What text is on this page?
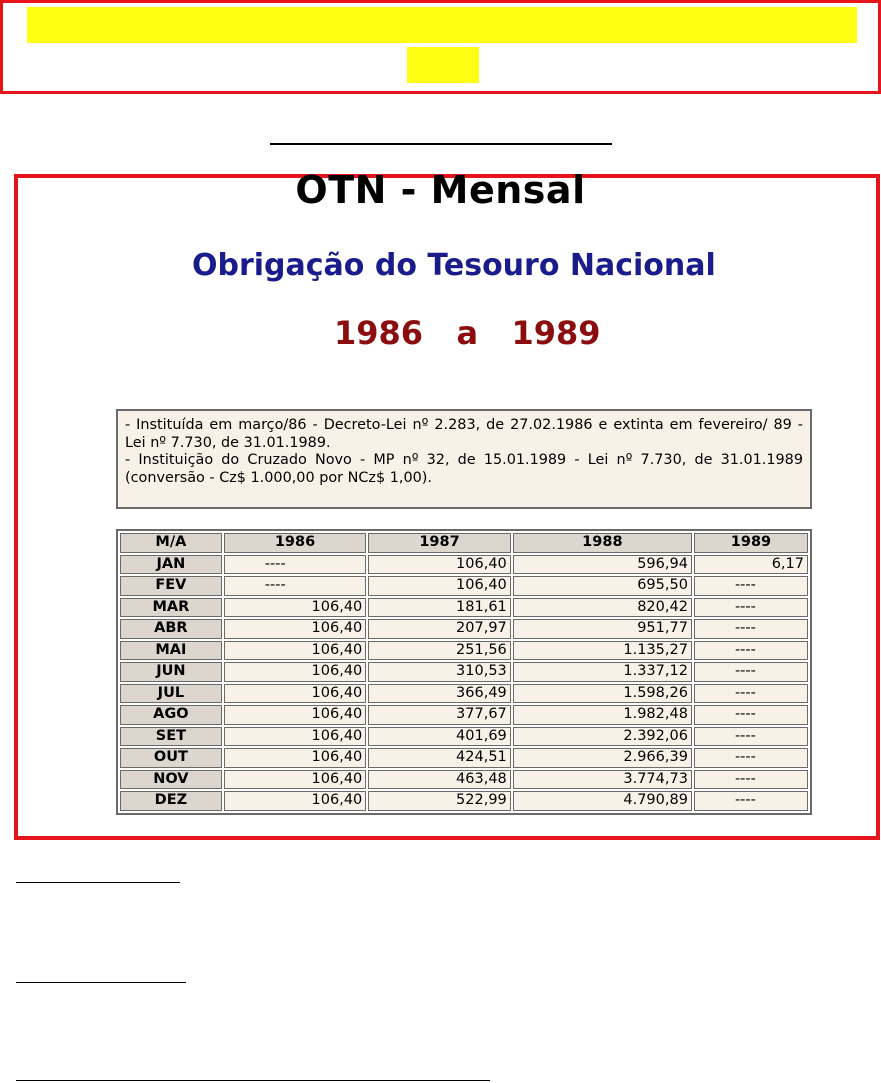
OTN - Mensal
Obrigação do Tesouro Nacional
1986   a   1989

- Instituída em março/86 - Decreto-Lei nº 2.283, de 27.02.1986 e extinta em fevereiro/ 89 - Lei nº 7.730, de 31.01.1989.

- Instituição do Cruzado Novo - MP nº 32, de 15.01.1989 - Lei nº 7.730, de 31.01.1989 (conversão - Cz$ 1.000,00 por NCz$ 1,00).

M/A	1986	1987	1988	1989
JAN	----	106,40	596,94	6,17
FEV	----	106,40	695,50	----
MAR	106,40	181,61	820,42	----
ABR	106,40	207,97	951,77	----
MAI	106,40	251,56	1.135,27	----
JUN	106,40	310,53	1.337,12	----
JUL	106,40	366,49	1.598,26	----
AGO	106,40	377,67	1.982,48	----
SET	106,40	401,69	2.392,06	----
OUT	106,40	424,51	2.966,39	----
NOV	106,40	463,48	3.774,73	----
DEZ	106,40	522,99	4.790,89	----
